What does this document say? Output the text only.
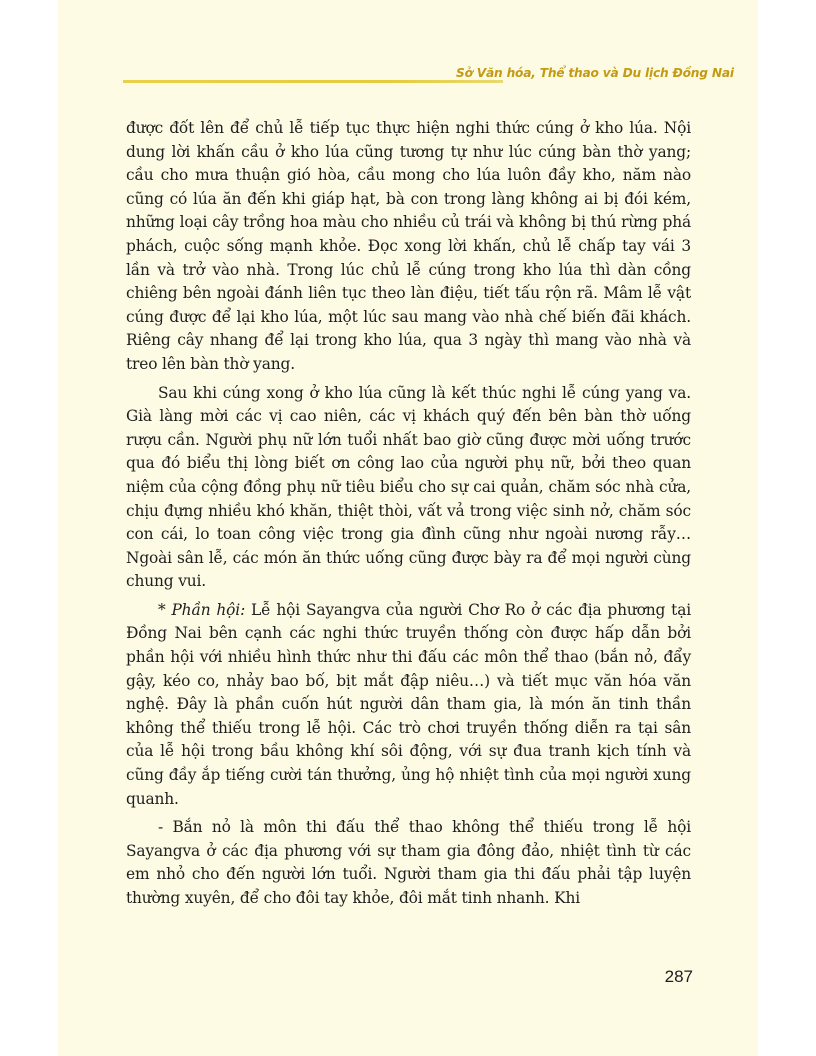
Sở Văn hóa, Thể thao và Du lịch Đồng Nai

được đốt lên để chủ lễ tiếp tục thực hiện nghi thức cúng ở kho lúa. Nội dung lời khấn cầu ở kho lúa cũng tương tự như lúc cúng bàn thờ yang; cầu cho mưa thuận gió hòa, cầu mong cho lúa luôn đầy kho, năm nào cũng có lúa ăn đến khi giáp hạt, bà con trong làng không ai bị đói kém, những loại cây trồng hoa màu cho nhiều củ trái và không bị thú rừng phá phách, cuộc sống mạnh khỏe. Đọc xong lời khấn, chủ lễ chấp tay vái 3 lần và trở vào nhà. Trong lúc chủ lễ cúng trong kho lúa thì dàn cồng chiêng bên ngoài đánh liên tục theo làn điệu, tiết tấu rộn rã. Mâm lễ vật cúng được để lại kho lúa, một lúc sau mang vào nhà chế biến đãi khách. Riêng cây nhang để lại trong kho lúa, qua 3 ngày thì mang vào nhà và treo lên bàn thờ yang.

Sau khi cúng xong ở kho lúa cũng là kết thúc nghi lễ cúng yang va. Già làng mời các vị cao niên, các vị khách quý đến bên bàn thờ uống rượu cần. Người phụ nữ lớn tuổi nhất bao giờ cũng được mời uống trước qua đó biểu thị lòng biết ơn công lao của người phụ nữ, bởi theo quan niệm của cộng đồng phụ nữ tiêu biểu cho sự cai quản, chăm sóc nhà cửa, chịu đựng nhiều khó khăn, thiệt thòi, vất vả trong việc sinh nở, chăm sóc con cái, lo toan công việc trong gia đình cũng như ngoài nương rẫy… Ngoài sân lễ, các món ăn thức uống cũng được bày ra để mọi người cùng chung vui.

* Phần hội: Lễ hội Sayangva của người Chơ Ro ở các địa phương tại Đồng Nai bên cạnh các nghi thức truyền thống còn được hấp dẫn bởi phần hội với nhiều hình thức như thi đấu các môn thể thao (bắn nỏ, đẩy gậy, kéo co, nhảy bao bố, bịt mắt đập niêu…) và tiết mục văn hóa văn nghệ. Đây là phần cuốn hút người dân tham gia, là món ăn tinh thần không thể thiếu trong lễ hội. Các trò chơi truyền thống diễn ra tại sân của lễ hội trong bầu không khí sôi động, với sự đua tranh kịch tính và cũng đầy ắp tiếng cười tán thưởng, ủng hộ nhiệt tình của mọi người xung quanh.

- Bắn nỏ là môn thi đấu thể thao không thể thiếu trong lễ hội Sayangva ở các địa phương với sự tham gia đông đảo, nhiệt tình từ các em nhỏ cho đến người lớn tuổi. Người tham gia thi đấu phải tập luyện thường xuyên, để cho đôi tay khỏe, đôi mắt tinh nhanh. Khi

287
